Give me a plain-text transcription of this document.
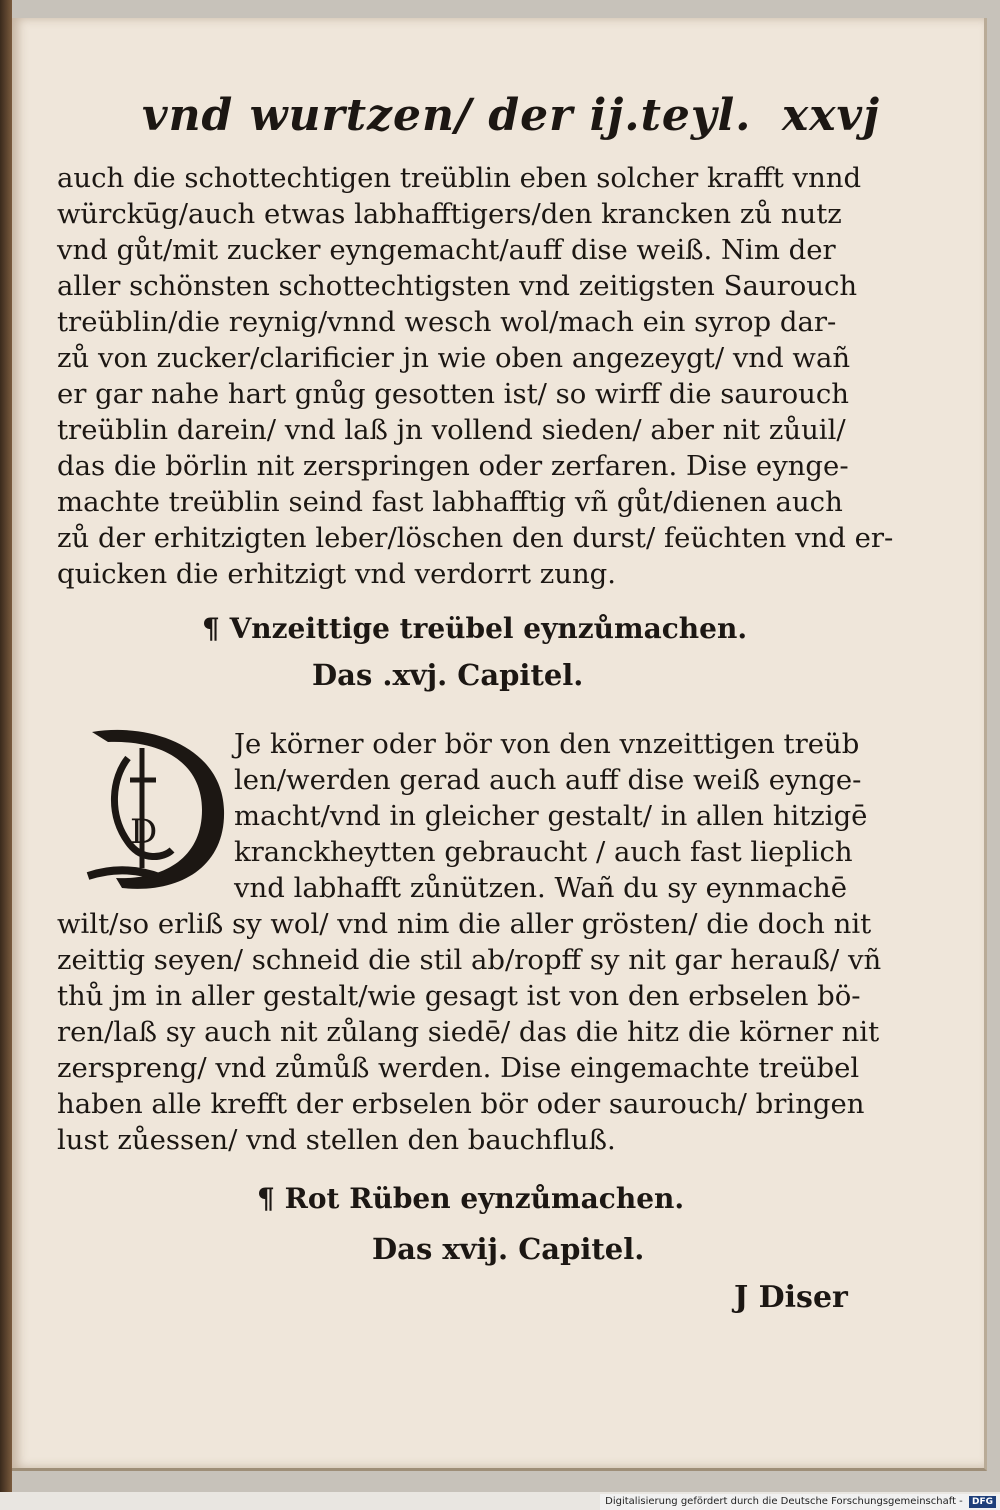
vnd wurtzen/ der ij.teyl. xxvj
auch die schottechtigen treüblin eben solcher krafft vnnd
würckūg/auch etwas labhafftigers/den krancken zů nutz
vnd gůt/mit zucker eyngemacht/auff dise weiß. Nim der
aller schönsten schottechtigsten vnd zeitigsten Saurouch
treüblin/die reynig/vnnd wesch wol/mach ein syrop dar-
zů von zucker/clarificier jn wie oben angezeygt/ vnd wañ
er gar nahe hart gnůg gesotten ist/ so wirff die saurouch
treüblin darein/ vnd laß jn vollend sieden/ aber nit zůuil/
das die börlin nit zerspringen oder zerfaren. Dise eynge-
machte treüblin seind fast labhafftig vñ gůt/dienen auch
zů der erhitzigten leber/löschen den durst/ feüchten vnd er-
quicken die erhitzigt vnd verdorrt zung.
¶ Vnzeittige treübel eynzůmachen.
Das .xvj. Capitel.
D
Je körner oder bör von den vnzeittigen treüb
len/werden gerad auch auff dise weiß eynge-
macht/vnd in gleicher gestalt/ in allen hitzigē
kranckheytten gebraucht / auch fast lieplich
vnd labhafft zůnützen. Wañ du sy eynmachē
wilt/so erliß sy wol/ vnd nim die aller grösten/ die doch nit
zeittig seyen/ schneid die stil ab/ropff sy nit gar herauß/ vñ
thů jm in aller gestalt/wie gesagt ist von den erbselen bö-
ren/laß sy auch nit zůlang siedē/ das die hitz die körner nit
zerspreng/ vnd zůmůß werden. Dise eingemachte treübel
haben alle krefft der erbselen bör oder saurouch/ bringen
lust zůessen/ vnd stellen den bauchfluß.
¶ Rot Rüben eynzůmachen.
Das xvij. Capitel.
J Diser
Digitalisierung gefördert durch die Deutsche Forschungsgemeinschaft - DFG
